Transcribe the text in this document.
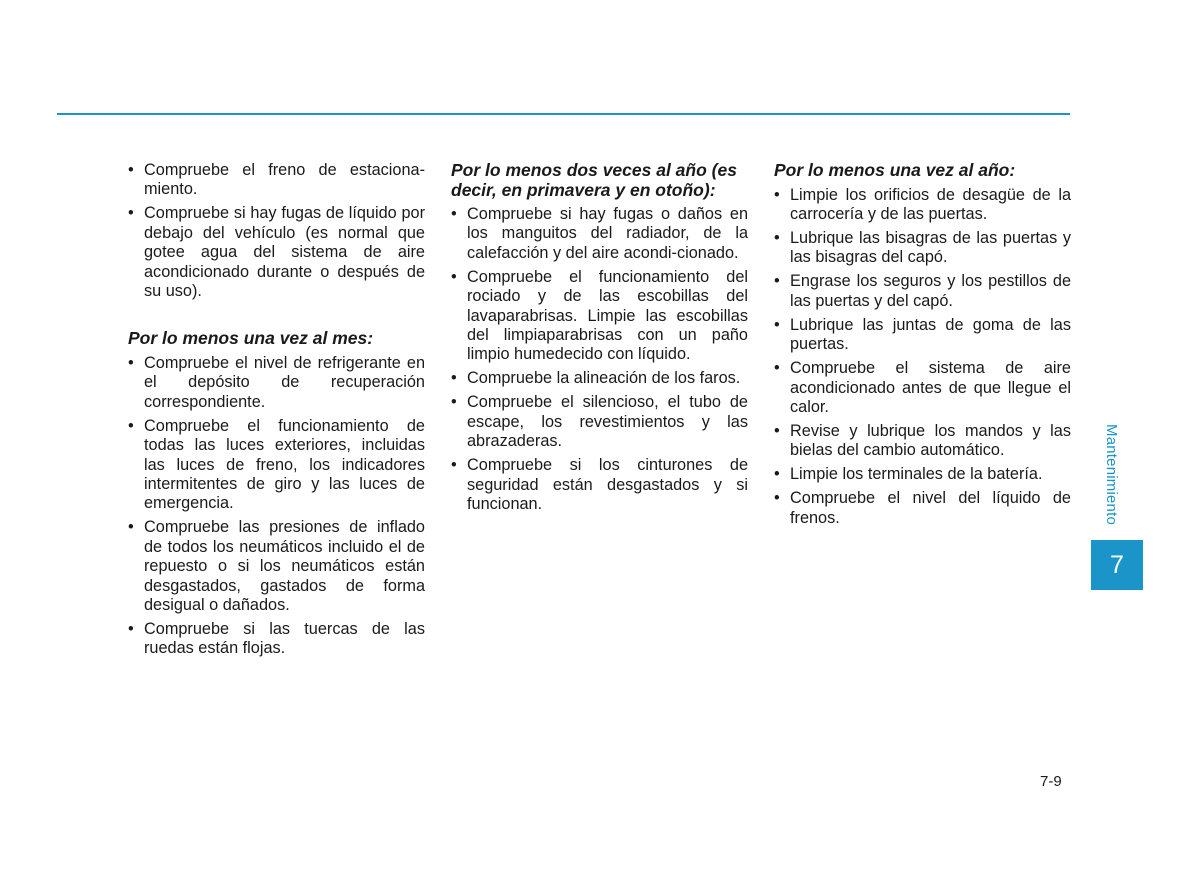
• Compruebe el freno de estaciona-miento.
• Compruebe si hay fugas de líquido por debajo del vehículo (es normal que gotee agua del sistema de aire acondicionado durante o después de su uso).
Por lo menos una vez al mes:
• Compruebe el nivel de refrigerante en el depósito de recuperación correspondiente.
• Compruebe el funcionamiento de todas las luces exteriores, incluidas las luces de freno, los indicadores intermitentes de giro y las luces de emergencia.
• Compruebe las presiones de inflado de todos los neumáticos incluido el de repuesto o si los neumáticos están desgastados, gastados de forma desigual o dañados.
• Compruebe si las tuercas de las ruedas están flojas.
Por lo menos dos veces al año (es decir, en primavera y en otoño):
• Compruebe si hay fugas o daños en los manguitos del radiador, de la calefacción y del aire acondi-cionado.
• Compruebe el funcionamiento del rociado y de las escobillas del lavaparabrisas. Limpie las escobillas del limpiaparabrisas con un paño limpio humedecido con líquido.
• Compruebe la alineación de los faros.
• Compruebe el silencioso, el tubo de escape, los revestimientos y las abrazaderas.
• Compruebe si los cinturones de seguridad están desgastados y si funcionan.
Por lo menos una vez al año:
• Limpie los orificios de desagüe de la carrocería y de las puertas.
• Lubrique las bisagras de las puertas y las bisagras del capó.
• Engrase los seguros y los pestillos de las puertas y del capó.
• Lubrique las juntas de goma de las puertas.
• Compruebe el sistema de aire acondicionado antes de que llegue el calor.
• Revise y lubrique los mandos y las bielas del cambio automático.
• Limpie los terminales de la batería.
• Compruebe el nivel del líquido de frenos.	Mantenimiento
7
7-9
